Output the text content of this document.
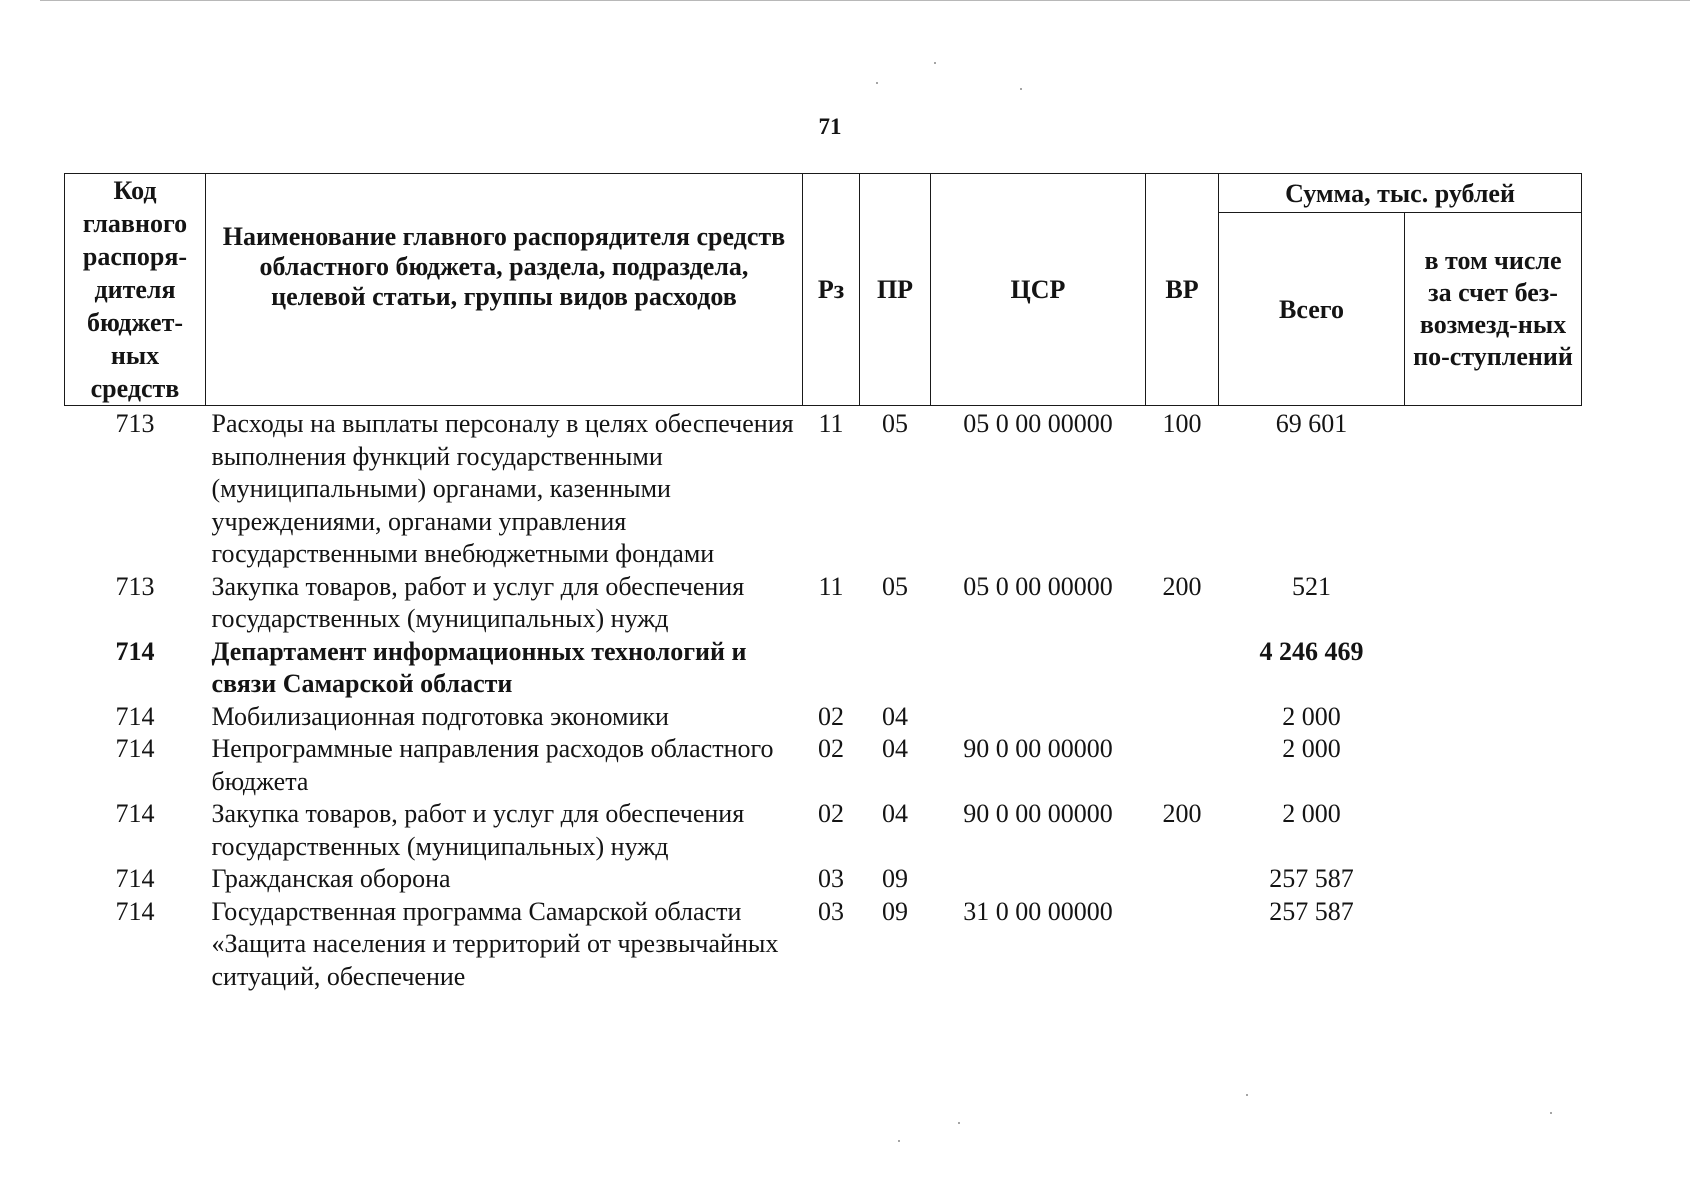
71
Код главного распоря-дителя бюджет-ных средств	Наименование главного распорядителя средств областного бюджета, раздела, подраздела, целевой статьи, группы видов расходов	Рз	ПР	ЦСР	ВР	Сумма, тыс. рублей	
						Всего	в том числе за счет без-возмезд-ных по-ступлений
713	Расходы на выплаты персоналу в целях обеспечения выполнения функций государственными (муниципальными) органами, казенными учреждениями, органами управления государственными внебюджетными фондами	11	05	05 0 00 00000	100	69 601	
713	Закупка товаров, работ и услуг для обеспечения государственных (муниципальных) нужд	11	05	05 0 00 00000	200	521	
714	Департамент информационных технологий и связи Самарской области					4 246 469	
714	Мобилизационная подготовка экономики	02	04			2 000	
714	Непрограммные направления расходов областного бюджета	02	04	90 0 00 00000		2 000	
714	Закупка товаров, работ и услуг для обеспечения государственных (муниципальных) нужд	02	04	90 0 00 00000	200	2 000	
714	Гражданская оборона	03	09			257 587	
714	Государственная программа Самарской области «Защита населения и территорий от чрезвычайных ситуаций, обеспечение	03	09	31 0 00 00000		257 587	
